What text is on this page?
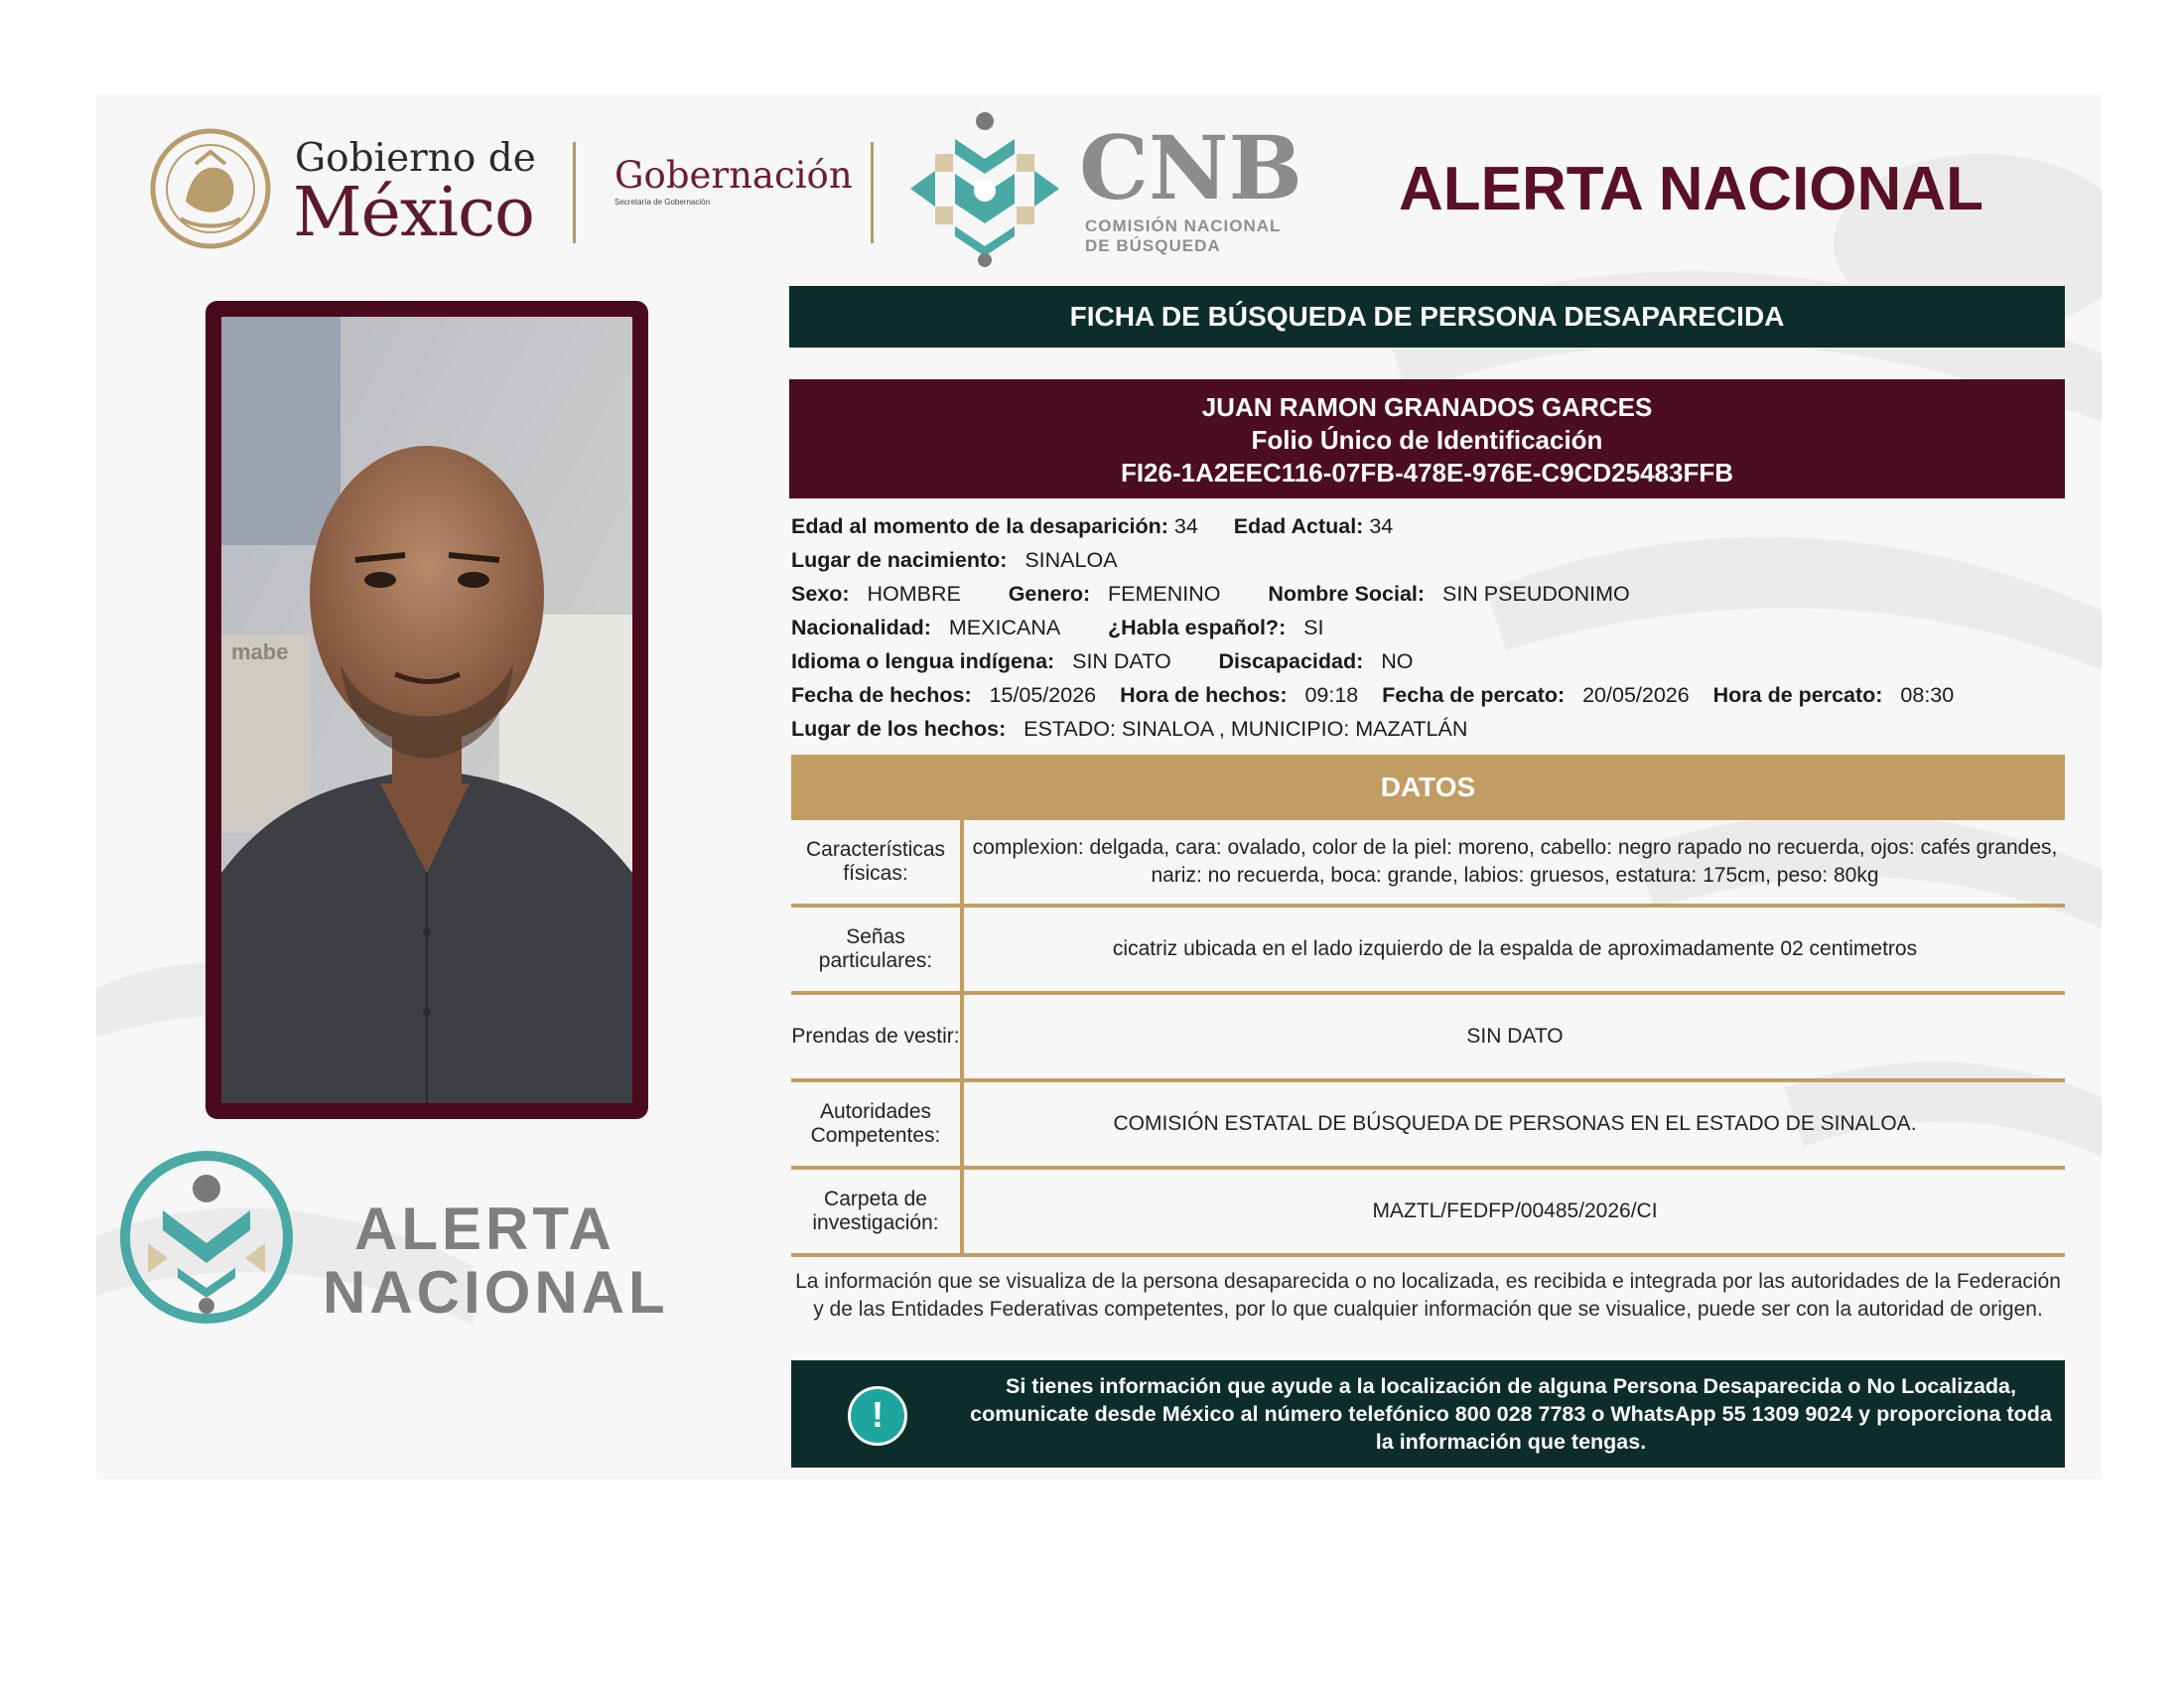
Gobierno de
México Gobernación
Secretaría de Gobernación	CNB
COMISIÓN NACIONAL
DE BÚSQUEDA
ALERTA NACIONAL
mabe
ALERTA
NACIONAL
FICHA DE BÚSQUEDA DE PERSONA DESAPARECIDA
JUAN RAMON GRANADOS GARCES
Folio Único de Identificación
FI26-1A2EEC116-07FB-478E-976E-C9CD25483FFB
Edad al momento de la desaparición: 34 Edad Actual: 34
Lugar de nacimiento: SINALOA
Sexo: HOMBRE Genero: FEMENINO Nombre Social: SIN PSEUDONIMO
Nacionalidad: MEXICANA ¿Habla español?: SI
Idioma o lengua indígena: SIN DATO Discapacidad: NO
Fecha de hechos: 15/05/2026 Hora de hechos: 09:18 Fecha de percato: 20/05/2026 Hora de percato: 08:30
Lugar de los hechos: ESTADO: SINALOA , MUNICIPIO: MAZATLÁN
DATOS
Características físicas:
complexion: delgada, cara: ovalado, color de la piel: moreno, cabello: negro rapado no recuerda, ojos: cafés grandes, nariz: no recuerda, boca: grande, labios: gruesos, estatura: 175cm, peso: 80kg
Señas particulares:
cicatriz ubicada en el lado izquierdo de la espalda de aproximadamente 02 centimetros
Prendas de vestir:	SIN DATO
Autoridades Competentes:
COMISIÓN ESTATAL DE BÚSQUEDA DE PERSONAS EN EL ESTADO DE SINALOA.
Carpeta de investigación:
MAZTL/FEDFP/00485/2026/CI
La información que se visualiza de la persona desaparecida o no localizada, es recibida e integrada por las autoridades de la Federación y de las Entidades Federativas competentes, por lo que cualquier información que se visualice, puede ser con la autoridad de origen.
!
Si tienes información que ayude a la localización de alguna Persona Desaparecida o No Localizada, comunicate desde México al número telefónico 800 028 7783 o WhatsApp 55 1309 9024 y proporciona toda la información que tengas.
